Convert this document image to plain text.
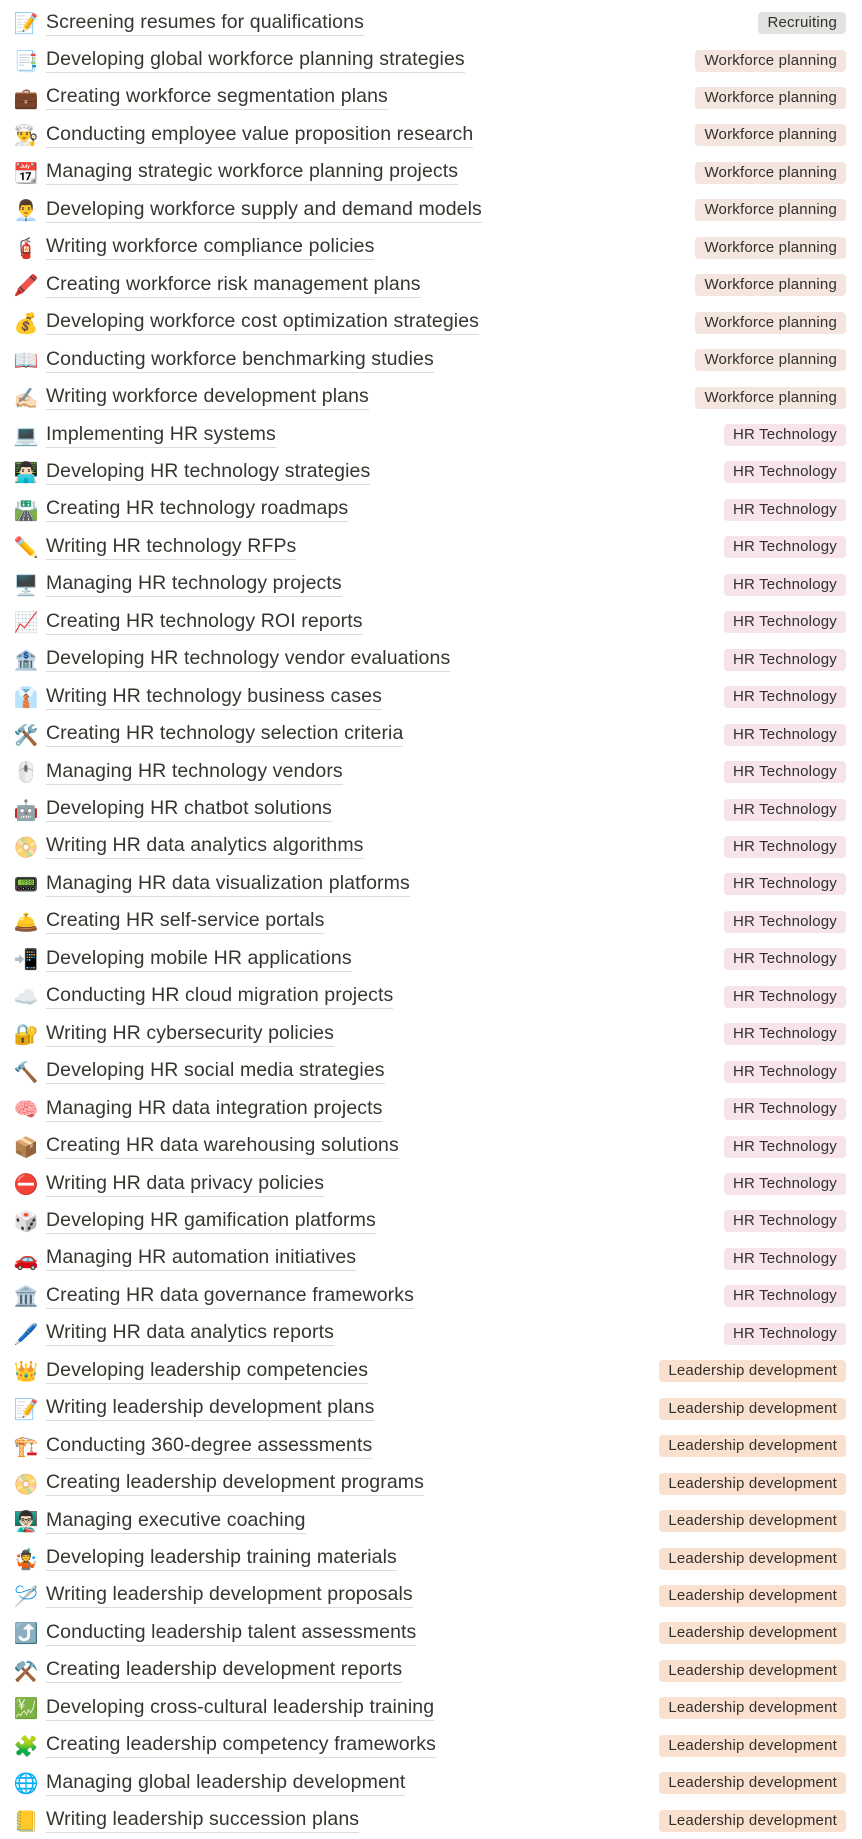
📝 Screening resumes for qualifications	Recruiting
📑 Developing global workforce planning strategies	Workforce planning
💼 Creating workforce segmentation plans	Workforce planning
👨‍🍳 Conducting employee value proposition research	Workforce planning
📆 Managing strategic workforce planning projects	Workforce planning
👨‍💼 Developing workforce supply and demand models	Workforce planning
🧯 Writing workforce compliance policies	Workforce planning
🖍️ Creating workforce risk management plans	Workforce planning
💰 Developing workforce cost optimization strategies	Workforce planning
📖 Conducting workforce benchmarking studies	Workforce planning
✍🏻 Writing workforce development plans	Workforce planning
💻 Implementing HR systems	HR Technology
👨🏻‍💻 Developing HR technology strategies	HR Technology
🛣️ Creating HR technology roadmaps	HR Technology
✏️ Writing HR technology RFPs	HR Technology
🖥️ Managing HR technology projects	HR Technology
📈 Creating HR technology ROI reports	HR Technology
🏦 Developing HR technology vendor evaluations	HR Technology
👔 Writing HR technology business cases	HR Technology
🛠️ Creating HR technology selection criteria	HR Technology
🖱️ Managing HR technology vendors	HR Technology
🤖 Developing HR chatbot solutions	HR Technology
📀 Writing HR data analytics algorithms	HR Technology
📟 Managing HR data visualization platforms	HR Technology
🛎️ Creating HR self-service portals	HR Technology
📲 Developing mobile HR applications	HR Technology
☁️ Conducting HR cloud migration projects	HR Technology
🔐 Writing HR cybersecurity policies	HR Technology
🔨 Developing HR social media strategies	HR Technology
🧠 Managing HR data integration projects	HR Technology
📦 Creating HR data warehousing solutions	HR Technology
⛔ Writing HR data privacy policies	HR Technology
🎲 Developing HR gamification platforms	HR Technology
🚗 Managing HR automation initiatives	HR Technology
🏛️ Creating HR data governance frameworks	HR Technology
🖊️ Writing HR data analytics reports	HR Technology
👑 Developing leadership competencies	Leadership development
📝 Writing leadership development plans	Leadership development
🏗️ Conducting 360-degree assessments	Leadership development
📀 Creating leadership development programs	Leadership development
👨🏻‍🏫 Managing executive coaching	Leadership development
🤹 Developing leadership training materials	Leadership development
🪡 Writing leadership development proposals	Leadership development
⤴️ Conducting leadership talent assessments	Leadership development
⚒️ Creating leadership development reports	Leadership development
💹 Developing cross-cultural leadership training	Leadership development
🧩 Creating leadership competency frameworks	Leadership development
🌐 Managing global leadership development	Leadership development
📒 Writing leadership succession plans	Leadership development
